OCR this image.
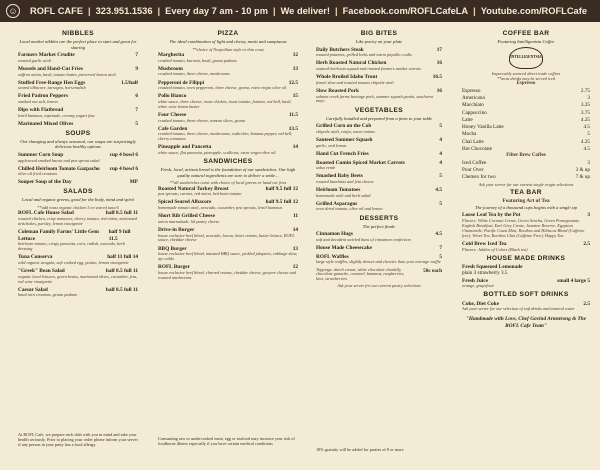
☺	ROFL CAFE | 323.951.1536 | Every day 7 am - 10 pm | We deliver! | Facebook.com/ROFLCafeLA | Youtube.com/ROFLCafe
NIBBLES
Local market nibbles are the perfect place to start and great for sharing
Farmers Market Crudite	7
roasted garlic aioli
Mussels and Hand-Cut Fries	9
saffron onion, basil, tomato butter, preserved lemon aioli
Stuffed Free-Range Hen Eggs	1.5/half
seared albacore, tarragon, horseradish
Fried Padron Peppers	6
smoked sea salt, lemon
Dips with Flatbread	7
lentil hummus, tapenade, creamy yogurt feta
Marinated Mixed Olives	5
SOUPS
Our changing and always seasonal, our soups are surprisingly delicious healthy options
Summer Corn Soup	cup 4 bowl 6
applewood smoked bacon and pea sprout salad
Chilled Heirloom Tomato Gazpacho cup 4 bowl 6
olive oil fried croutons
Souper Soup of the Day	MP
SALADS
Local and organic greens, good for the body, mind and spirit
**add roast organic chicken 5 or seared tuna 6
ROFL Cafe House Salad	half 8.5 full 11
roasted chicken, crisp tomatoes, cherry tomato, red onion, marinated artichokes, parsley, lemon vinaigrette
Coleman Family Farms' Little Gem Lettuce
half 9 full 11.5
heirloom tomato, crispy pancetta, corn, radish, avocado, herb dressing
Tuna Conserva	half 11 full 14
wild organic arugula, soft cooked egg, potato, lemon vinaigrette
"Greek" Bean Salad	half 8.5 full 11
organic local lettuces, green beans, marinated olives, cucumber, feta, red wine vinaigrette
Caesar Salad	half 8.5 full 11
hand torn croutons, grana padano
At ROFL Cafe, we prepare each dish with you in mind and take your health seriously. Prior to placing your order please inform your server if any person in your party has a food allergy.
PIZZA
The ideal combination of light and chewy, moist and sumptuous
**choice of Neapolitan style or thin crust
Margherita	12
crushed tomato, burrata, basil, grana padano
Mushroom	13
crushed tomato, three cheese, mushrooms
Pepperoni de Filippi	12.5
crushed tomato, oven pepperoni, three cheese, grana, extra virgin olive oil
Pollo Bianco	15
white sauce, three cheese, roast chicken, roast tomato, fontina, red bell, basil, white wine lemon butter
Four Cheese	11.5
crushed tomato, three cheese, tomato slices, grana
Cafe Garden	13.5
crushed tomato, three cheese, mushrooms, radicchio, banana pepper, red bell, cherry tomatoes
Pineapple and Pancetta	14
white sauce, flat pancetta, pineapple, scallions, extra virgin olive oil
SANDWICHES
Fresh, local, artisan bread is the foundation of our sandwiches. Our high quality natural ingredients are sure to deliver a smile...
**all sandwiches come with choice of local greens or hand cut fries
Roasted Natural Turkey Breast	half 9.5 full 12
pea sprouts, carrots, red onion, heirloom tomato
Spiced Seared Albacore	half 9.5 full 12
homemade tomato aioli, avocado, cucumber, pea sprouts, lentil hummus
Short Rib Grilled Cheese	11
onion marmalade, hil pastry cheese
Drive-in Burger	14
house exclusive beef blend, avocado, bacon, heart onions, butter lettuce, ROFL sauce, cheddar cheese
BBQ Burger	13
house exclusive beef blend, mustard BBQ sauce, pickled jalapeno, cabbage slaw, ajo caldo
ROFL Burger	12
house exclusive beef blend, charred onions, cheddar cheese, gruyere cheese and roasted mushrooms
Consuming raw or undercooked meat, egg or seafood may increase your risk of foodborne illness especially if you have certain medical conditions
BIG BITES
Like poetry on your plate
Daily Butchers Steak	17
roasted potatoes, grilled leeks and warm piquillo coulis
Herb Roasted Natural Chicken	16
sauteed heirloom squash and roasted farmers market carrots
Whole Broiled Idaho Trout	16.5
fennel slaw and roasted tomato chipotle aioli
Slow Roasted Pork	16
salmon creek farms heritage pork, summer squash gratin, southwest mojo
VEGETABLES
Carefully handled and prepared from a farm to your table
Grilled Corn on the Cob	5
chipotle aioli, cotija, sweet onions
Sauteed Summer Squash	4
garlic, and lemon
Hand Cut French Fries	4
Roasted Cumin Spiced Market Carrots	4
salsa verde
Smashed Baby Beets	5
roasted hazelnuts and feta cheese
Heirloom Tomatoes	4.5
homemade aioli and herb salad
Grilled Asparagus	5
oven dried tomato, olive oil and lemon
DESSERTS
The perfect finale
Cinnamon Hugs	4.5
soft and decadent swirled buns of cinnamon confection
House Made Cheesecake	7
ROFL Waffles	5
large style waffles, slightly denser and chewier than your average waffle
Toppings: dutch cream, white chocolate chantilly, chocolate ganache, caramel, bananas, raspberries, kiwi, strawberries
50c each
Ask your server for our current pastry selections
18% gratuity will be added for parties of 8 or more
COFFEE BAR
Featuring Intelligentsia Coffee
INTELLIGENTSIA
Impeccably sourced direct trade coffees
**most drinks may be served iced
Espresso
Espresso	2.75
Americano	3
Macchiato	3.25
Cappuccino	3.75
Latte	4.25
Honey Vanilla Latte	4.5
Mocha	5
Chai Latte	4.25
Hot Chocolate	4.5
Filter Brew Coffee
Iced Coffee	3
Pour Over	3 & up
Chemex for two	7 & up
Ask your server for our current single origin selections
TEA BAR
Featuring Art of Tea
The journey of a thousand cups begins with a single sip
Loose Leaf Tea by the Pot	3
Flavors: White Coconut Creme, Green Sencha, Green Pomegranate, English Breakfast, Earl Grey Creme, Jasmine Reserve, Egyptian Chamomile, Pacific Coast Mint, Rooibos and Hibiscus Blend (Caffeine free), Velvet Tea, Rooibos Chai (Caffeine Free), Happy Tea
Cold Brew Iced Tea	2.5
Flavors: Jubilee of Colors (Black tea)
HOUSE MADE DRINKS
Fresh Squeezed Lemonade
plain 3 strawberry 3.5
Fresh Juice	small 4 large 5
orange, grapefruit
BOTTLED SOFT DRINKS
Coke, Diet Coke	2.5
Ask your server for our selection of soft drinks and mineral water
"Handmade with Love, Chef Govind Armstrong & The ROFL Cafe Team"
